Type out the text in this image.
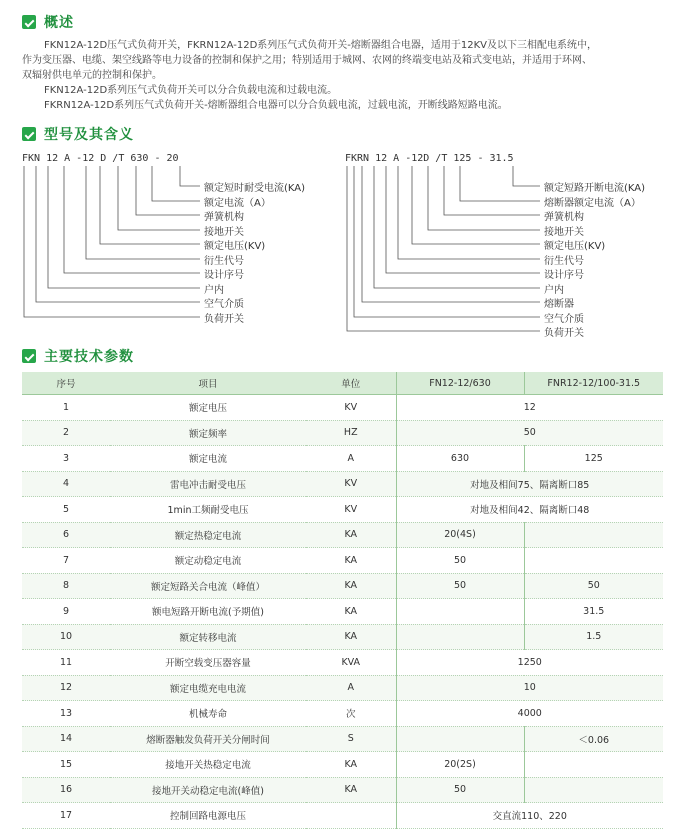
概述

FKN12A-12D压气式负荷开关，FKRN12A-12D系列压气式负荷开关-熔断器组合电器，适用于12KV及以下三相配电系统中，

作为变压器、电缆、架空线路等电力设备的控制和保护之用；特别适用于城网、农网的终端变电站及箱式变电站，并适用于环网、

双辐射供电单元的控制和保护。

FKN12A-12D系列压气式负荷开关可以分合负载电流和过载电流。

FKRN12A-12D系列压气式负荷开关-熔断器组合电器可以分合负载电流，过载电流，开断线路短路电流。

型号及其含义
FKN 12 A -12 D /T 630 - 20	FKRN 12 A -12D /T 125 - 31.5
额定短时耐受电流(KA)
额定电流（A）
弹簧机构
接地开关
额定电压(KV)
衍生代号
设计序号
户内
空气介质
负荷开关
额定短路开断电流(KA)
熔断器额定电流（A）
弹簧机构
接地开关
额定电压(KV)
衍生代号
设计序号
户内
熔断器
空气介质
负荷开关
主要技术参数
序号	项目	单位	FN12-12/630	FNR12-12/100-31.5
1	额定电压	KV	12	
2	额定频率	HZ	50	
3	额定电流	A	630	125
4	雷电冲击耐受电压	KV	对地及相间75、隔离断口85	
5	1min工频耐受电压	KV	对地及相间42、隔离断口48	
6	额定热稳定电流	KA	20(4S)	
7	额定动稳定电流	KA	50	
8	额定短路关合电流（峰值）	KA	50	50
9	额电短路开断电流(予期值)	KA		31.5
10	额定转移电流	KA		1.5
11	开断空载变压器容量	KVA	1250	
12	额定电缆充电电流	A	10	
13	机械寿命	次	4000	
14	熔断器触发负荷开关分闸时间	S		＜0.06
15	接地开关热稳定电流	KA	20(2S)	
16	接地开关动稳定电流(峰值)	KA	50	
17	控制回路电源电压		交直流110、220	
